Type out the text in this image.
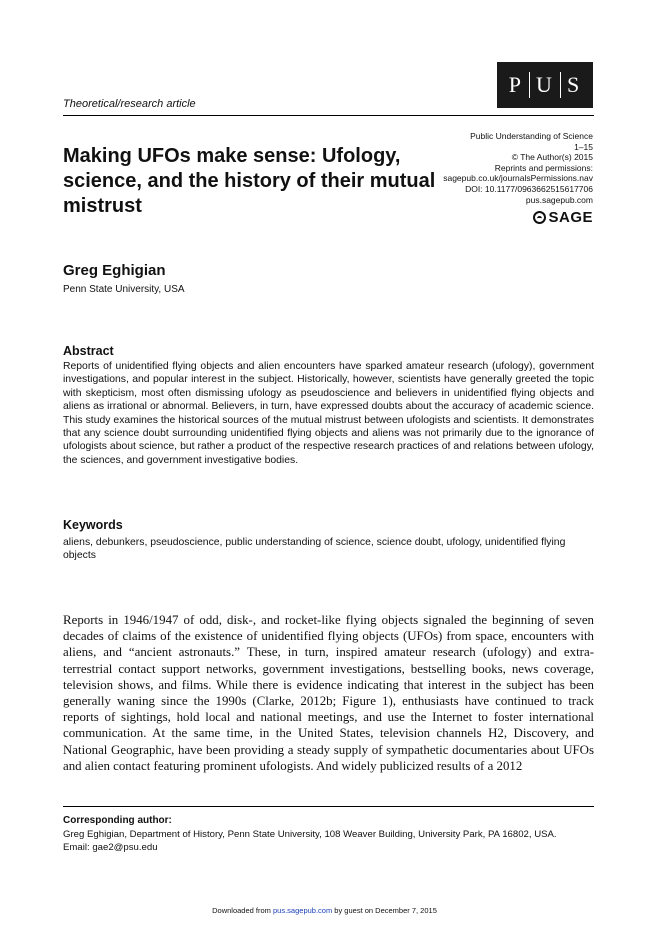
P U S
Theoretical/research article
Public Understanding of Science
1–15
© The Author(s) 2015
Reprints and permissions:
sagepub.co.uk/journalsPermissions.nav
DOI: 10.1177/0963662515617706
pus.sagepub.com
SAGE
Making UFOs make sense: Ufology, science, and the history of their mutual mistrust
Greg Eghigian
Penn State University, USA
Abstract
Reports of unidentified flying objects and alien encounters have sparked amateur research (ufology), government investigations, and popular interest in the subject. Historically, however, scientists have generally greeted the topic with skepticism, most often dismissing ufology as pseudoscience and believers in unidentified flying objects and aliens as irrational or abnormal. Believers, in turn, have expressed doubts about the accuracy of academic science. This study examines the historical sources of the mutual mistrust between ufologists and scientists. It demonstrates that any science doubt surrounding unidentified flying objects and aliens was not primarily due to the ignorance of ufologists about science, but rather a product of the respective research practices of and relations between ufology, the sciences, and government investigative bodies.
Keywords
aliens, debunkers, pseudoscience, public understanding of science, science doubt, ufology, unidentified flying objects
Reports in 1946/1947 of odd, disk-, and rocket-like flying objects signaled the beginning of seven decades of claims of the existence of unidentified flying objects (UFOs) from space, encounters with aliens, and “ancient astronauts.” These, in turn, inspired amateur research (ufology) and extra-terrestrial contact support networks, government investigations, bestselling books, news coverage, television shows, and films. While there is evidence indicating that interest in the subject has been generally waning since the 1990s (Clarke, 2012b; Figure 1), enthusiasts have continued to track reports of sightings, hold local and national meetings, and use the Internet to foster international communication. At the same time, in the United States, television channels H2, Discovery, and National Geographic, have been providing a steady supply of sympathetic documentaries about UFOs and alien contact featuring prominent ufologists. And widely publicized results of a 2012
Corresponding author:
Greg Eghigian, Department of History, Penn State University, 108 Weaver Building, University Park, PA 16802, USA.
Email: gae2@psu.edu
Downloaded from pus.sagepub.com by guest on December 7, 2015
